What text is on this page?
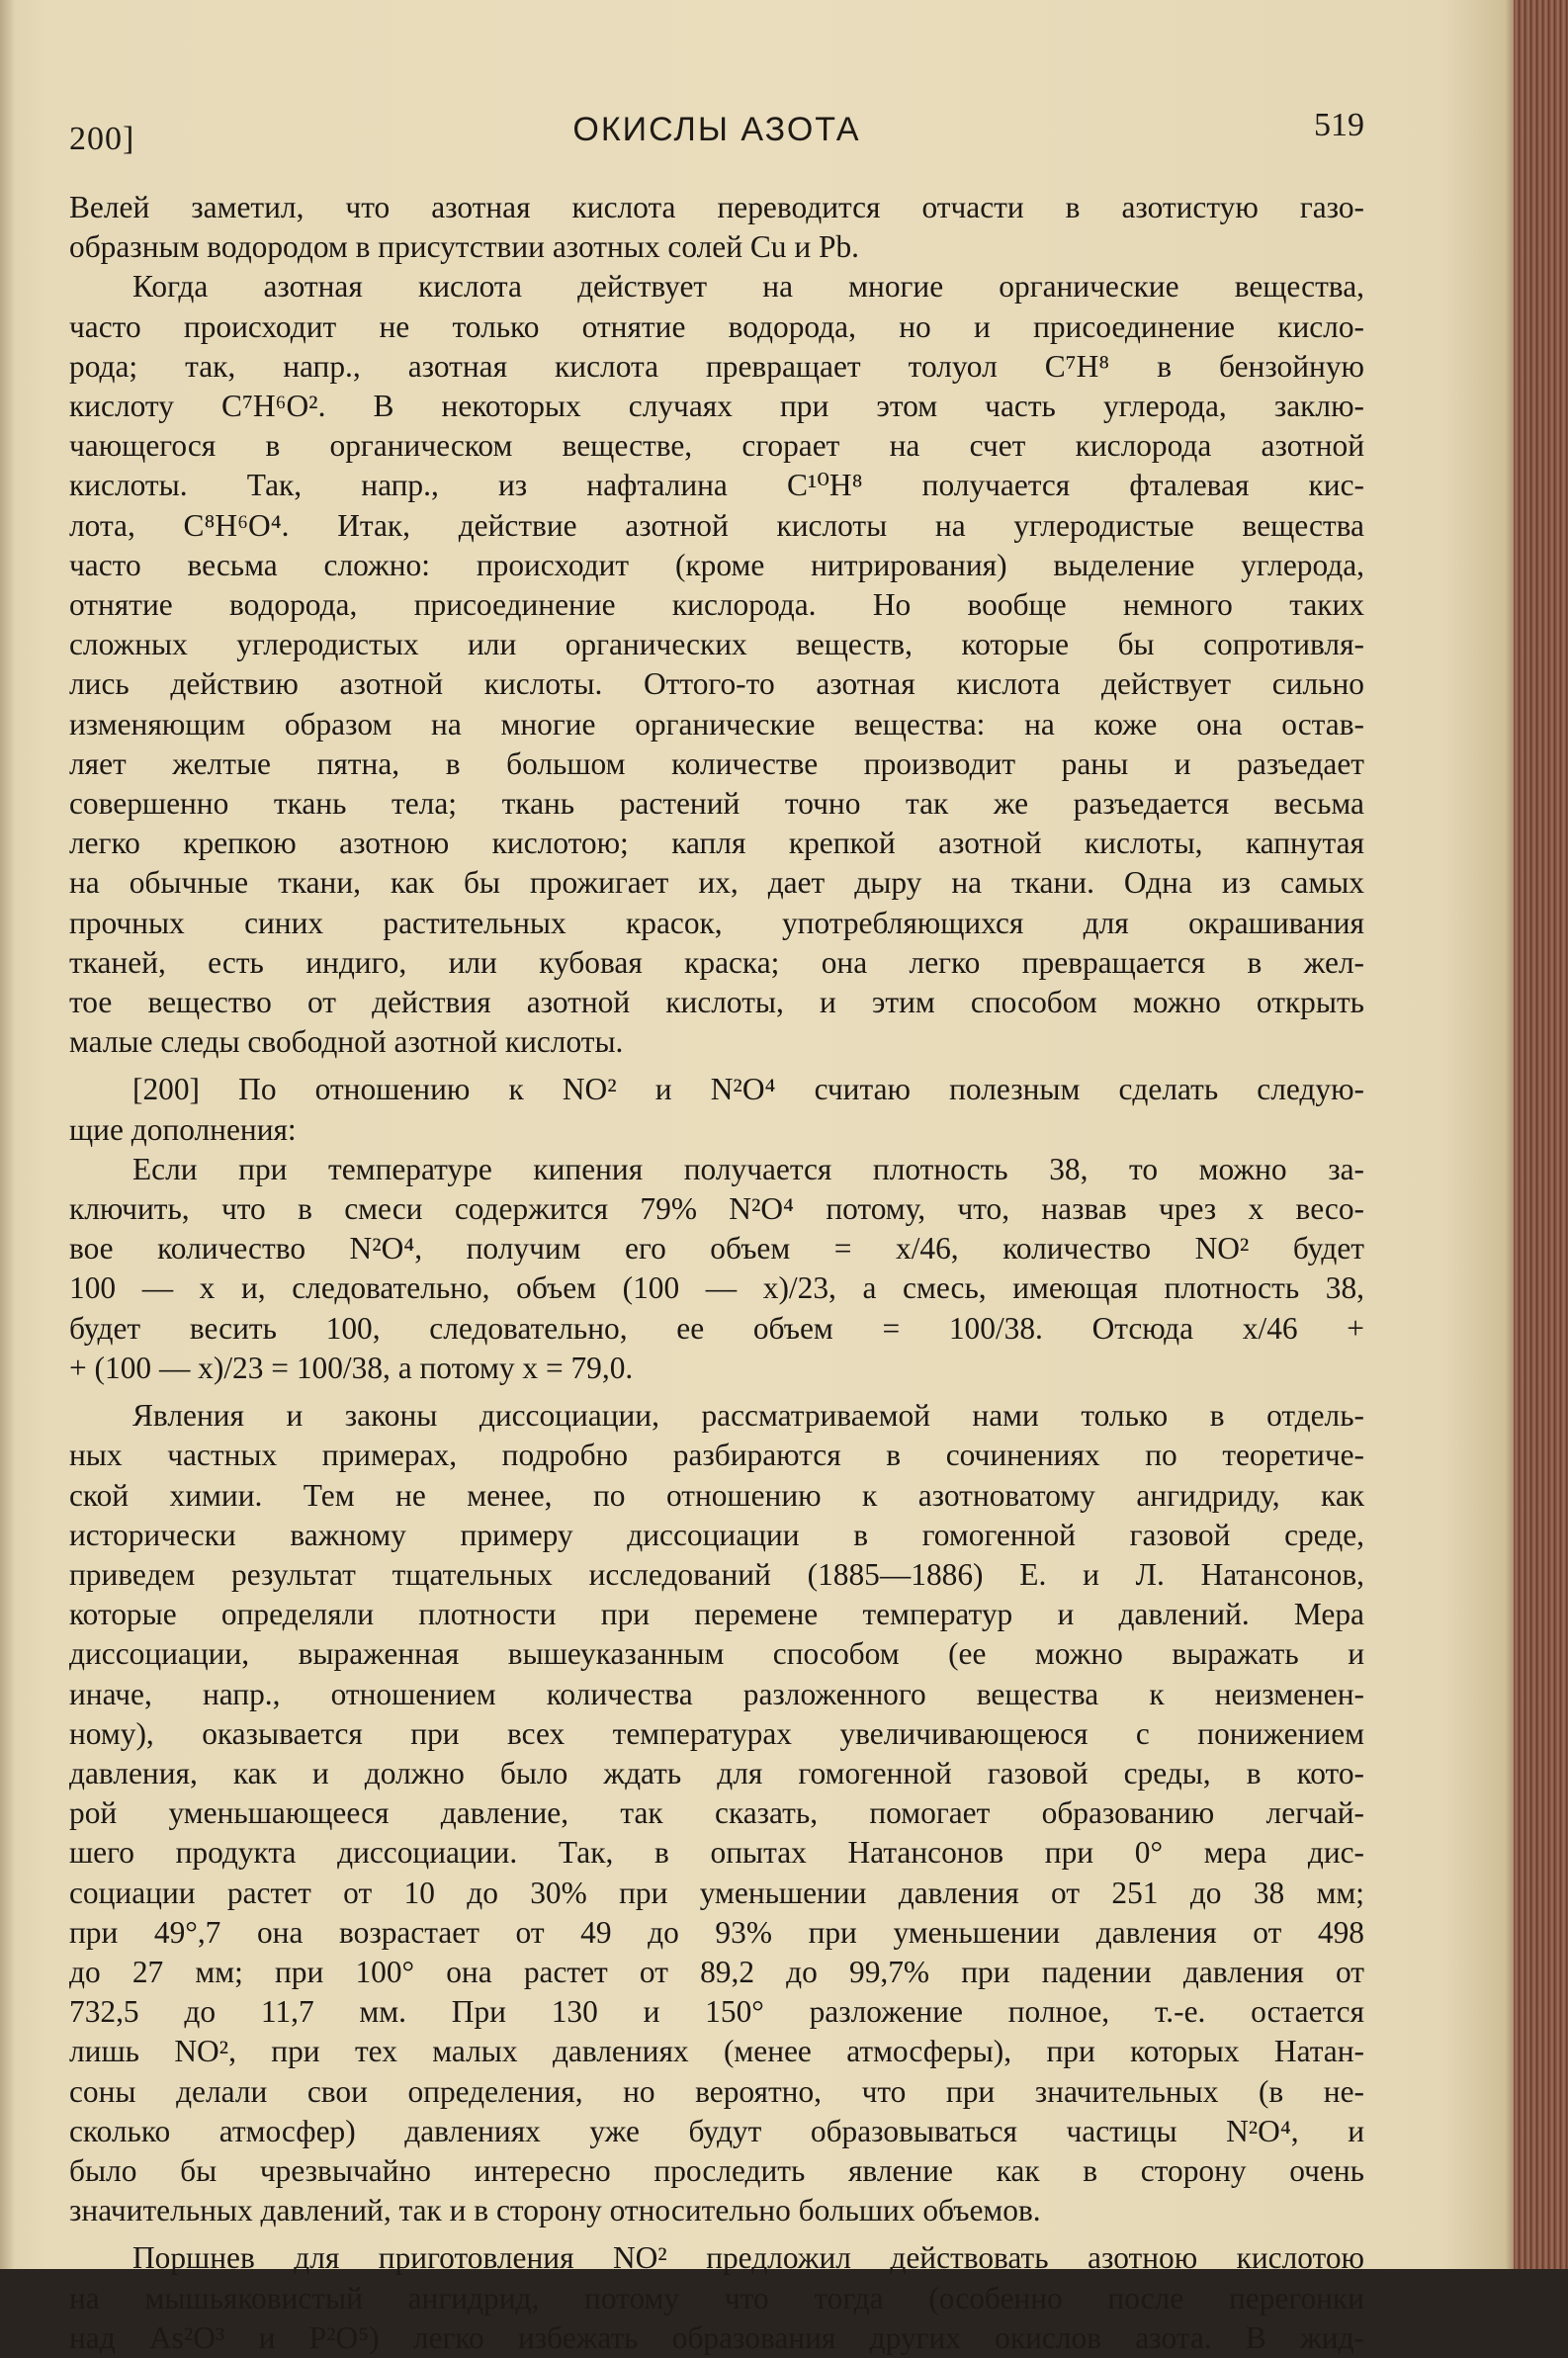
200]	ОКИСЛЫ АЗОТА	519
Велей заметил, что азотная кислота переводится отчасти в азотистую газо-
образным водородом в присутствии азотных солей Cu и Pb.
Когда азотная кислота действует на многие органические вещества,
часто происходит не только отнятие водорода, но и присоединение кисло-
рода; так, напр., азотная кислота превращает толуол C⁷H⁸ в бензойную
кислоту C⁷H⁶O². В некоторых случаях при этом часть углерода, заклю-
чающегося в органическом веществе, сгорает на счет кислорода азотной
кислоты. Так, напр., из нафталина C¹⁰H⁸ получается фталевая кис-
лота, C⁸H⁶O⁴. Итак, действие азотной кислоты на углеродистые вещества
часто весьма сложно: происходит (кроме нитрирования) выделение углерода,
отнятие водорода, присоединение кислорода. Но вообще немного таких
сложных углеродистых или органических веществ, которые бы сопротивля-
лись действию азотной кислоты. Оттого-то азотная кислота действует сильно
изменяющим образом на многие органические вещества: на коже она остав-
ляет желтые пятна, в большом количестве производит раны и разъедает
совершенно ткань тела; ткань растений точно так же разъедается весьма
легко крепкою азотною кислотою; капля крепкой азотной кислоты, капнутая
на обычные ткани, как бы прожигает их, дает дыру на ткани. Одна из самых
прочных синих растительных красок, употребляющихся для окрашивания
тканей, есть индиго, или кубовая краска; она легко превращается в жел-
тое вещество от действия азотной кислоты, и этим способом можно открыть
малые следы свободной азотной кислоты.
[200] По отношению к NO² и N²O⁴ считаю полезным сделать следую-
щие дополнения:
Если при температуре кипения получается плотность 38, то можно за-
ключить, что в смеси содержится 79% N²O⁴ потому, что, назвав чрез x весо-
вое количество N²O⁴, получим его объем = x/46, количество NO² будет
100 — x и, следовательно, объем (100 — x)/23, а смесь, имеющая плотность 38,
будет весить 100, следовательно, ее объем = 100/38. Отсюда x/46 +
+ (100 — x)/23 = 100/38, а потому x = 79,0.
Явления и законы диссоциации, рассматриваемой нами только в отдель-
ных частных примерах, подробно разбираются в сочинениях по теоретиче-
ской химии. Тем не менее, по отношению к азотноватому ангидриду, как
исторически важному примеру диссоциации в гомогенной газовой среде,
приведем результат тщательных исследований (1885—1886) Е. и Л. Натансонов,
которые определяли плотности при перемене температур и давлений. Мера
диссоциации, выраженная вышеуказанным способом (ее можно выражать и
иначе, напр., отношением количества разложенного вещества к неизменен-
ному), оказывается при всех температурах увеличивающеюся с понижением
давления, как и должно было ждать для гомогенной газовой среды, в кото-
рой уменьшающееся давление, так сказать, помогает образованию легчай-
шего продукта диссоциации. Так, в опытах Натансонов при 0° мера дис-
социации растет от 10 до 30% при уменьшении давления от 251 до 38 мм;
при 49°,7 она возрастает от 49 до 93% при уменьшении давления от 498
до 27 мм; при 100° она растет от 89,2 до 99,7% при падении давления от
732,5 до 11,7 мм. При 130 и 150° разложение полное, т.-е. остается
лишь NO², при тех малых давлениях (менее атмосферы), при которых Натан-
соны делали свои определения, но вероятно, что при значительных (в не-
сколько атмосфер) давлениях уже будут образовываться частицы N²O⁴, и
было бы чрезвычайно интересно проследить явление как в сторону очень
значительных давлений, так и в сторону относительно больших объемов.
Поршнев для приготовления NO² предложил действовать азотною кислотою
на мышьяковистый ангидрид, потому что тогда (особенно после перегонки
над As²O³ и P²O⁵) легко избежать образования других окислов азота. В жид-
